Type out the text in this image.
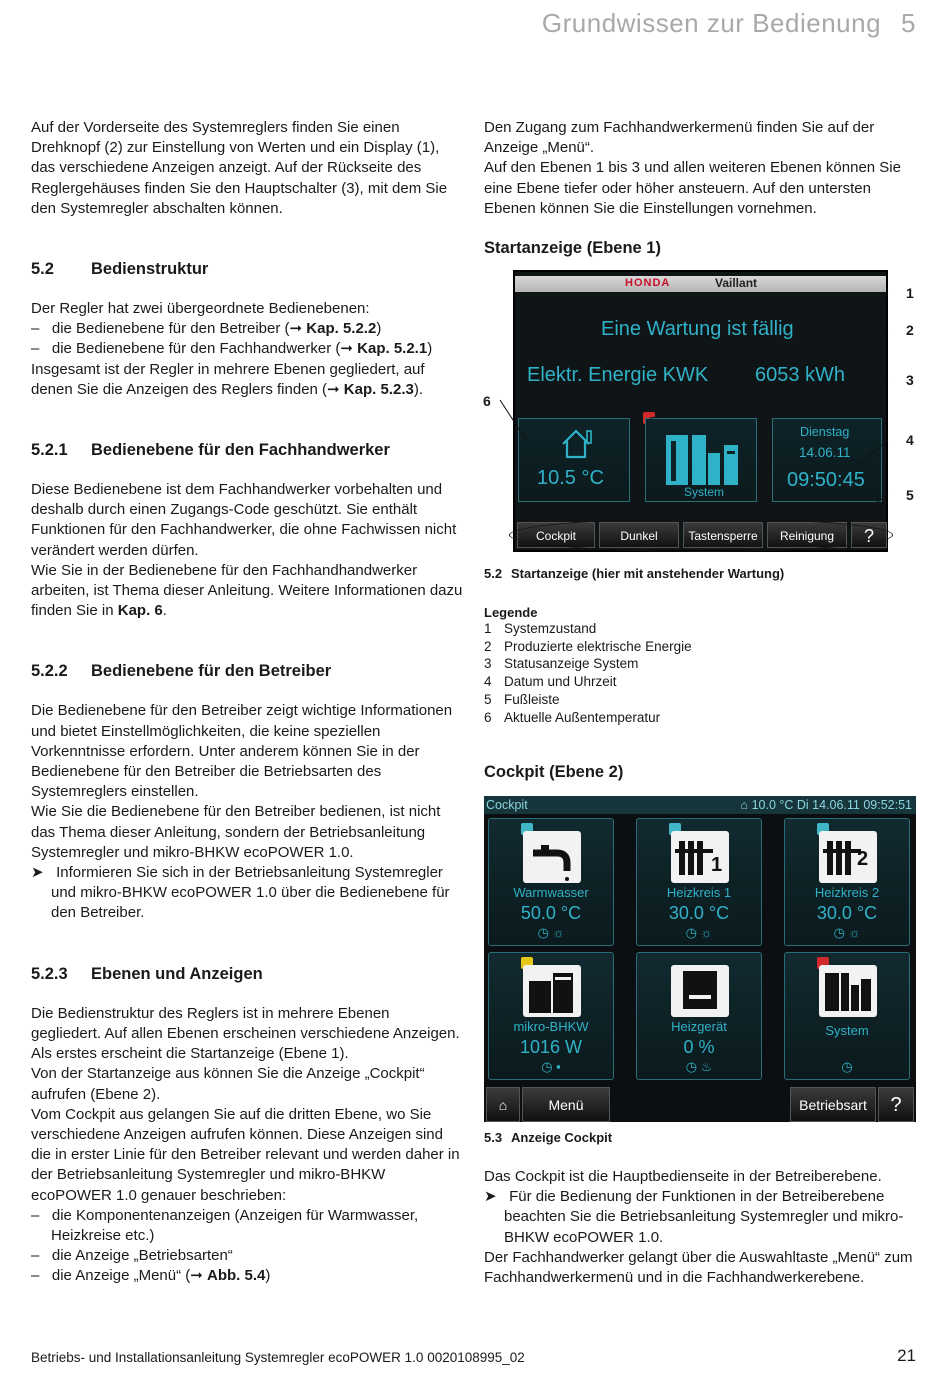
Grundwissen zur Bedienung 5

Auf der Vorderseite des Systemreglers finden Sie einen Drehknopf (2) zur Einstellung von Werten und ein Display (1), das verschiedene Anzeigen anzeigt. Auf der Rückseite des Reglergehäuses finden Sie den Hauptschalter (3), mit dem Sie den Systemregler abschalten können.

5.2 Bedienstruktur

Der Regler hat zwei übergeordnete Bedienebenen:

–   die Bedienebene für den Betreiber (➞ Kap. 5.2.2)

–   die Bedienebene für den Fachhandwerker (➞ Kap. 5.2.1)

Insgesamt ist der Regler in mehrere Ebenen gegliedert, auf denen Sie die Anzeigen des Reglers finden (➞ Kap. 5.2.3).

5.2.1 Bedienebene für den Fachhandwerker

Diese Bedienebene ist dem Fachhandwerker vorbehalten und deshalb durch einen Zugangs-Code geschützt. Sie enthält Funktionen für den Fachhandwerker, die ohne Fachwissen nicht verändert werden dürfen.

Wie Sie in der Bedienebene für den Fachhandhandwerker arbeiten, ist Thema dieser Anleitung. Weitere Informationen dazu finden Sie in Kap. 6.

5.2.2 Bedienebene für den Betreiber

Die Bedienebene für den Betreiber zeigt wichtige Informationen und bietet Einstellmöglichkeiten, die keine speziellen Vorkenntnisse erfordern. Unter anderem können Sie in der Bedienebene für den Betreiber die Betriebsarten des Systemreglers einstellen.

Wie Sie die Bedienebene für den Betreiber bedienen, ist nicht das Thema dieser Anleitung, sondern der Betriebsanleitung Systemregler und mikro-BHKW ecoPOWER 1.0.

➤   Informieren Sie sich in der Betriebsanleitung Systemregler und mikro-BHKW ecoPOWER 1.0 über die Bedienebene für den Betreiber.

5.2.3 Ebenen und Anzeigen

Die Bedienstruktur des Reglers ist in mehrere Ebenen gegliedert. Auf allen Ebenen erscheinen verschiedene Anzeigen.

Als erstes erscheint die Startanzeige (Ebene 1).

Von der Startanzeige aus können Sie die Anzeige „Cockpit“ aufrufen (Ebene 2).

Vom Cockpit aus gelangen Sie auf die dritten Ebene, wo Sie verschiedene Anzeigen aufrufen können. Diese Anzeigen sind die in erster Linie für den Betreiber relevant und werden daher in der Betriebsanleitung Systemregler und mikro-BHKW ecoPOWER 1.0 genauer beschrieben:

–   die Komponentenanzeigen (Anzeigen für Warmwasser, Heizkreise etc.)

–   die Anzeige „Betriebsarten“

–   die Anzeige „Menü“ (➞ Abb. 5.4)

Den Zugang zum Fachhandwerkermenü finden Sie auf der Anzeige „Menü“.

Auf den Ebenen 1 bis 3 und allen weiteren Ebenen können Sie eine Ebene tiefer oder höher ansteuern. Auf den untersten Ebenen können Sie die Einstellungen vornehmen.

Startanzeige (Ebene 1)
HONDA	Vaillant
Eine Wartung ist fällig
Elektr. Energie KWK 6053 kWh
10.5 °C
System
Dienstag
14.06.11
09:50:45
Cockpit	Dunkel	Tastensperre	Reinigung	?
1
2
3
4
5
6
5.2 Startanzeige (hier mit anstehender Wartung)
Legende
1 Systemzustand
2 Produzierte elektrische Energie
3 Statusanzeige System
4 Datum und Uhrzeit
5 Fußleiste
6 Aktuelle Außentemperatur
Cockpit (Ebene 2)
Cockpit	⌂ 10.0 °C Di 14.06.11 09:52:51
Warmwasser
50.0 °C
◷ ☼
1
Heizkreis 1
30.0 °C
◷ ☼
2
Heizkreis 2
30.0 °C
◷ ☼
mikro-BHKW
1016 W
◷ ▪
Heizgerät
0 %
◷ ♨
System
◷
⌂	Menü	Betriebsart	?
5.3 Anzeige Cockpit

Das Cockpit ist die Hauptbedienseite in der Betreiberebene.

➤   Für die Bedienung der Funktionen in der Betreiberebene beachten Sie die Betriebsanleitung Systemregler und mikro-BHKW ecoPOWER 1.0.

Der Fachhandwerker gelangt über die Auswahltaste „Menü“ zum Fachhandwerkermenü und in die Fachhandwerkerebene.

Betriebs- und Installationsanleitung Systemregler ecoPOWER 1.0 0020108995_02	21
